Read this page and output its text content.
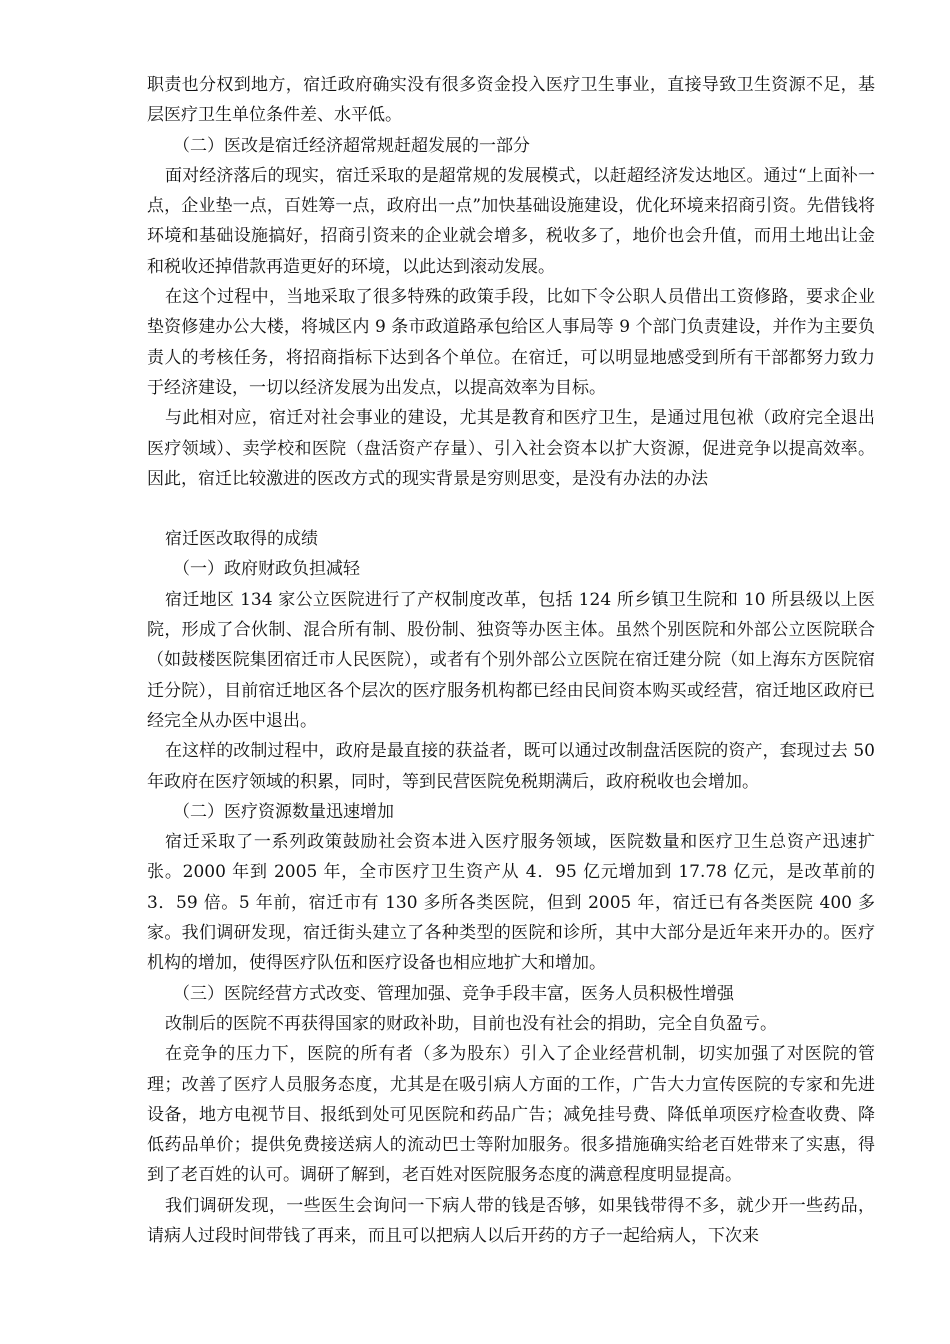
职责也分权到地方，宿迁政府确实没有很多资金投入医疗卫生事业，直接导致卫生资源不足，基层医疗卫生单位条件差、水平低。

（二）医改是宿迁经济超常规赶超发展的一部分

面对经济落后的现实，宿迁采取的是超常规的发展模式，以赶超经济发达地区。通过“上面补一点，企业垫一点，百姓筹一点，政府出一点”加快基础设施建设，优化环境来招商引资。先借钱将环境和基础设施搞好，招商引资来的企业就会增多，税收多了，地价也会升值，而用土地出让金和税收还掉借款再造更好的环境，以此达到滚动发展。

在这个过程中，当地采取了很多特殊的政策手段，比如下令公职人员借出工资修路，要求企业垫资修建办公大楼，将城区内 9 条市政道路承包给区人事局等 9 个部门负责建设，并作为主要负责人的考核任务，将招商指标下达到各个单位。在宿迁，可以明显地感受到所有干部都努力致力于经济建设，一切以经济发展为出发点，以提高效率为目标。

与此相对应，宿迁对社会事业的建设，尤其是教育和医疗卫生，是通过甩包袱（政府完全退出医疗领域）、卖学校和医院（盘活资产存量）、引入社会资本以扩大资源，促进竞争以提高效率。因此，宿迁比较激进的医改方式的现实背景是穷则思变，是没有办法的办法

宿迁医改取得的成绩

（一）政府财政负担减轻

宿迁地区 134 家公立医院进行了产权制度改革，包括 124 所乡镇卫生院和 10 所县级以上医院，形成了合伙制、混合所有制、股份制、独资等办医主体。虽然个别医院和外部公立医院联合（如鼓楼医院集团宿迁市人民医院），或者有个别外部公立医院在宿迁建分院（如上海东方医院宿迁分院），目前宿迁地区各个层次的医疗服务机构都已经由民间资本购买或经营，宿迁地区政府已经完全从办医中退出。

在这样的改制过程中，政府是最直接的获益者，既可以通过改制盘活医院的资产，套现过去 50 年政府在医疗领域的积累，同时，等到民营医院免税期满后，政府税收也会增加。

（二）医疗资源数量迅速增加

宿迁采取了一系列政策鼓励社会资本进入医疗服务领域，医院数量和医疗卫生总资产迅速扩张。2000 年到 2005 年，全市医疗卫生资产从 4．95 亿元增加到 17.78 亿元，是改革前的 3．59 倍。5 年前，宿迁市有 130 多所各类医院，但到 2005 年，宿迁已有各类医院 400 多家。我们调研发现，宿迁街头建立了各种类型的医院和诊所，其中大部分是近年来开办的。医疗机构的增加，使得医疗队伍和医疗设备也相应地扩大和增加。

（三）医院经营方式改变、管理加强、竞争手段丰富，医务人员积极性增强

改制后的医院不再获得国家的财政补助，目前也没有社会的捐助，完全自负盈亏。

在竞争的压力下，医院的所有者（多为股东）引入了企业经营机制，切实加强了对医院的管理；改善了医疗人员服务态度，尤其是在吸引病人方面的工作，广告大力宣传医院的专家和先进设备，地方电视节目、报纸到处可见医院和药品广告；减免挂号费、降低单项医疗检查收费、降低药品单价；提供免费接送病人的流动巴士等附加服务。很多措施确实给老百姓带来了实惠，得到了老百姓的认可。调研了解到，老百姓对医院服务态度的满意程度明显提高。

我们调研发现，一些医生会询问一下病人带的钱是否够，如果钱带得不多，就少开一些药品，请病人过段时间带钱了再来，而且可以把病人以后开药的方子一起给病人，下次来
